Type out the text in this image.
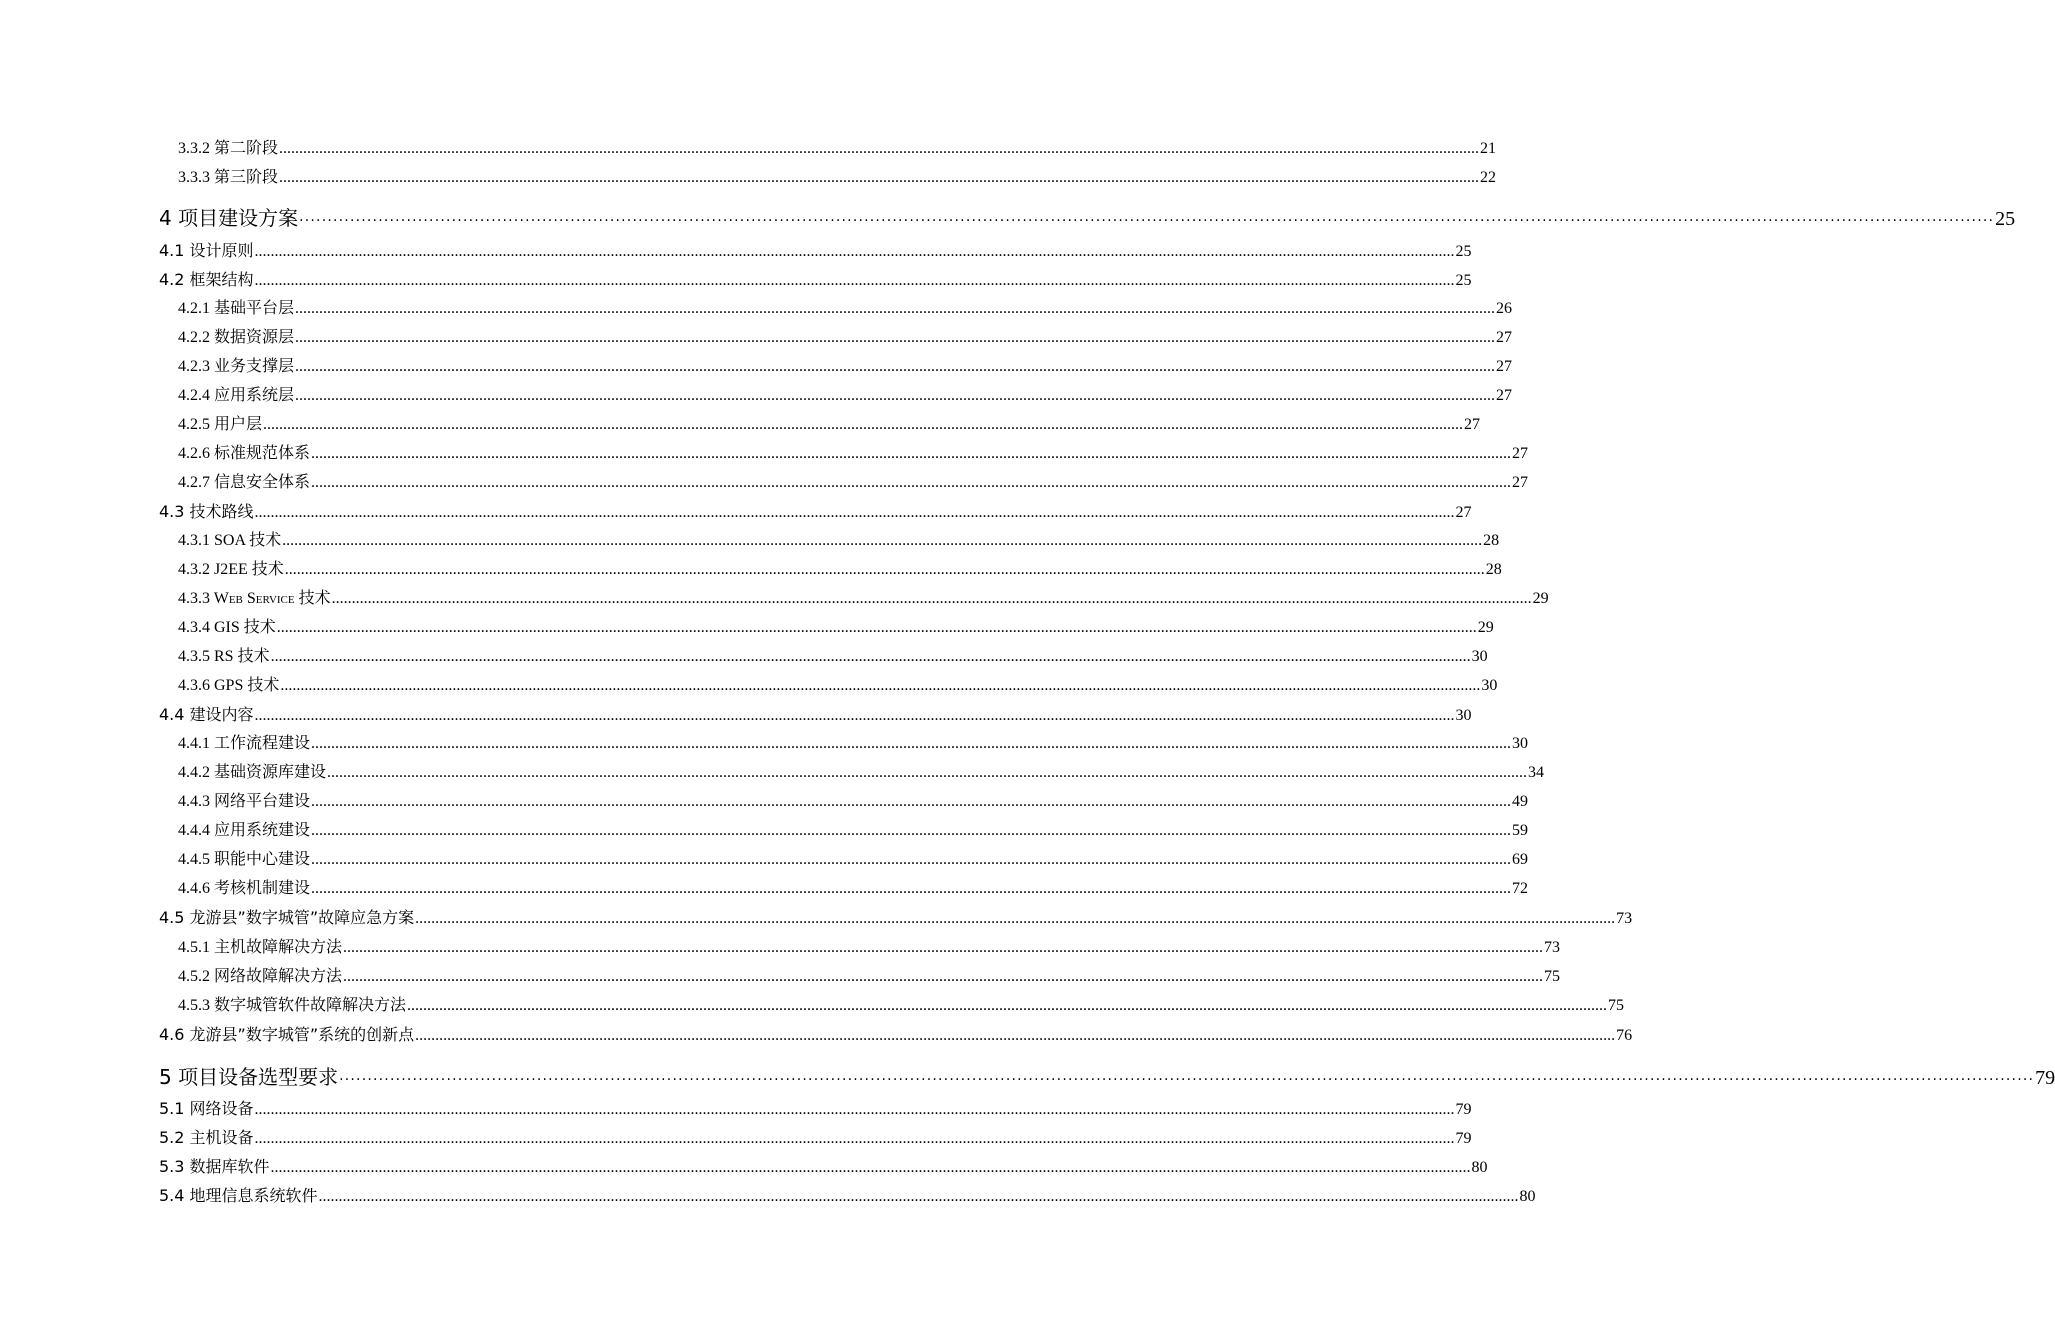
3.3.2 第二阶段 ............................................................................................................................................................................................................................................................................................................ 21
3.3.3 第三阶段 ............................................................................................................................................................................................................................................................................................................ 22
4 项目建设方案 ············································································································································································································································································································ 25
4.1 设计原则 ............................................................................................................................................................................................................................................................................................................ 25
4.2 框架结构 ............................................................................................................................................................................................................................................................................................................ 25
4.2.1 基础平台层 ............................................................................................................................................................................................................................................................................................................ 26
4.2.2 数据资源层 ............................................................................................................................................................................................................................................................................................................ 27
4.2.3 业务支撑层 ............................................................................................................................................................................................................................................................................................................ 27
4.2.4 应用系统层 ............................................................................................................................................................................................................................................................................................................ 27
4.2.5 用户层 ............................................................................................................................................................................................................................................................................................................ 27
4.2.6 标准规范体系 ............................................................................................................................................................................................................................................................................................................ 27
4.2.7 信息安全体系 ............................................................................................................................................................................................................................................................................................................ 27
4.3 技术路线 ............................................................................................................................................................................................................................................................................................................ 27
4.3.1 SOA 技术 ............................................................................................................................................................................................................................................................................................................ 28
4.3.2 J2EE 技术 ............................................................................................................................................................................................................................................................................................................ 28
4.3.3 Web Service 技术 ............................................................................................................................................................................................................................................................................................................ 29
4.3.4 GIS 技术 ............................................................................................................................................................................................................................................................................................................ 29
4.3.5 RS 技术 ............................................................................................................................................................................................................................................................................................................ 30
4.3.6 GPS 技术 ............................................................................................................................................................................................................................................................................................................ 30
4.4 建设内容 ............................................................................................................................................................................................................................................................................................................ 30
4.4.1 工作流程建设 ............................................................................................................................................................................................................................................................................................................ 30
4.4.2 基础资源库建设 ............................................................................................................................................................................................................................................................................................................ 34
4.4.3 网络平台建设 ............................................................................................................................................................................................................................................................................................................ 49
4.4.4 应用系统建设 ............................................................................................................................................................................................................................................................................................................ 59
4.4.5 职能中心建设 ............................................................................................................................................................................................................................................................................................................ 69
4.4.6 考核机制建设 ............................................................................................................................................................................................................................................................................................................ 72
4.5 龙游县”数字城管”故障应急方案 ............................................................................................................................................................................................................................................................................................................ 73
4.5.1 主机故障解决方法 ............................................................................................................................................................................................................................................................................................................ 73
4.5.2 网络故障解决方法 ............................................................................................................................................................................................................................................................................................................ 75
4.5.3 数字城管软件故障解决方法 ............................................................................................................................................................................................................................................................................................................ 75
4.6 龙游县”数字城管”系统的创新点 ............................................................................................................................................................................................................................................................................................................ 76
5 项目设备选型要求 ············································································································································································································································································································ 79
5.1 网络设备 ............................................................................................................................................................................................................................................................................................................ 79
5.2 主机设备 ............................................................................................................................................................................................................................................................................................................ 79
5.3 数据库软件 ............................................................................................................................................................................................................................................................................................................ 80
5.4 地理信息系统软件 ............................................................................................................................................................................................................................................................................................................ 80
